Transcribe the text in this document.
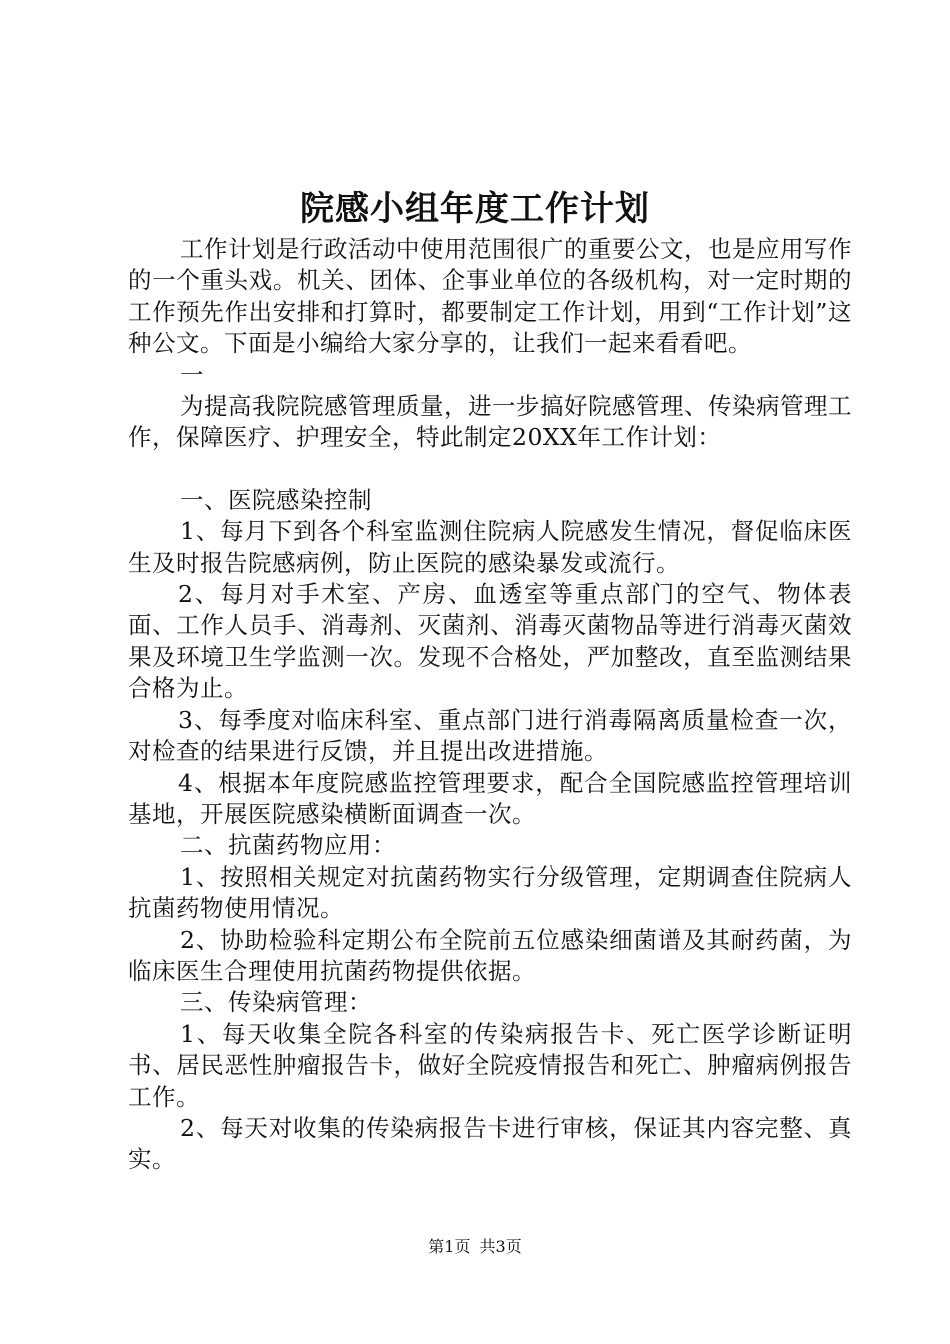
院感小组年度工作计划

工作计划是行政活动中使用范围很广的重要公文，也是应用写作的一个重头戏。机关、团体、企事业单位的各级机构，对一定时期的工作预先作出安排和打算时，都要制定工作计划，用到“工作计划”这种公文。下面是小编给大家分享的，让我们一起来看看吧。

一

为提高我院院感管理质量，进一步搞好院感管理、传染病管理工作，保障医疗、护理安全，特此制定20XX年工作计划：

一、医院感染控制

1、每月下到各个科室监测住院病人院感发生情况，督促临床医生及时报告院感病例，防止医院的感染暴发或流行。

2、每月对手术室、产房、血透室等重点部门的空气、物体表面、工作人员手、消毒剂、灭菌剂、消毒灭菌物品等进行消毒灭菌效果及环境卫生学监测一次。发现不合格处，严加整改，直至监测结果合格为止。

3、每季度对临床科室、重点部门进行消毒隔离质量检查一次，对检查的结果进行反馈，并且提出改进措施。

4、根据本年度院感监控管理要求，配合全国院感监控管理培训基地，开展医院感染横断面调查一次。

二、抗菌药物应用：

1、按照相关规定对抗菌药物实行分级管理，定期调查住院病人抗菌药物使用情况。

2、协助检验科定期公布全院前五位感染细菌谱及其耐药菌，为临床医生合理使用抗菌药物提供依据。

三、传染病管理：

1、每天收集全院各科室的传染病报告卡、死亡医学诊断证明书、居民恶性肿瘤报告卡，做好全院疫情报告和死亡、肿瘤病例报告工作。

2、每天对收集的传染病报告卡进行审核，保证其内容完整、真实。

第1页 共3页
